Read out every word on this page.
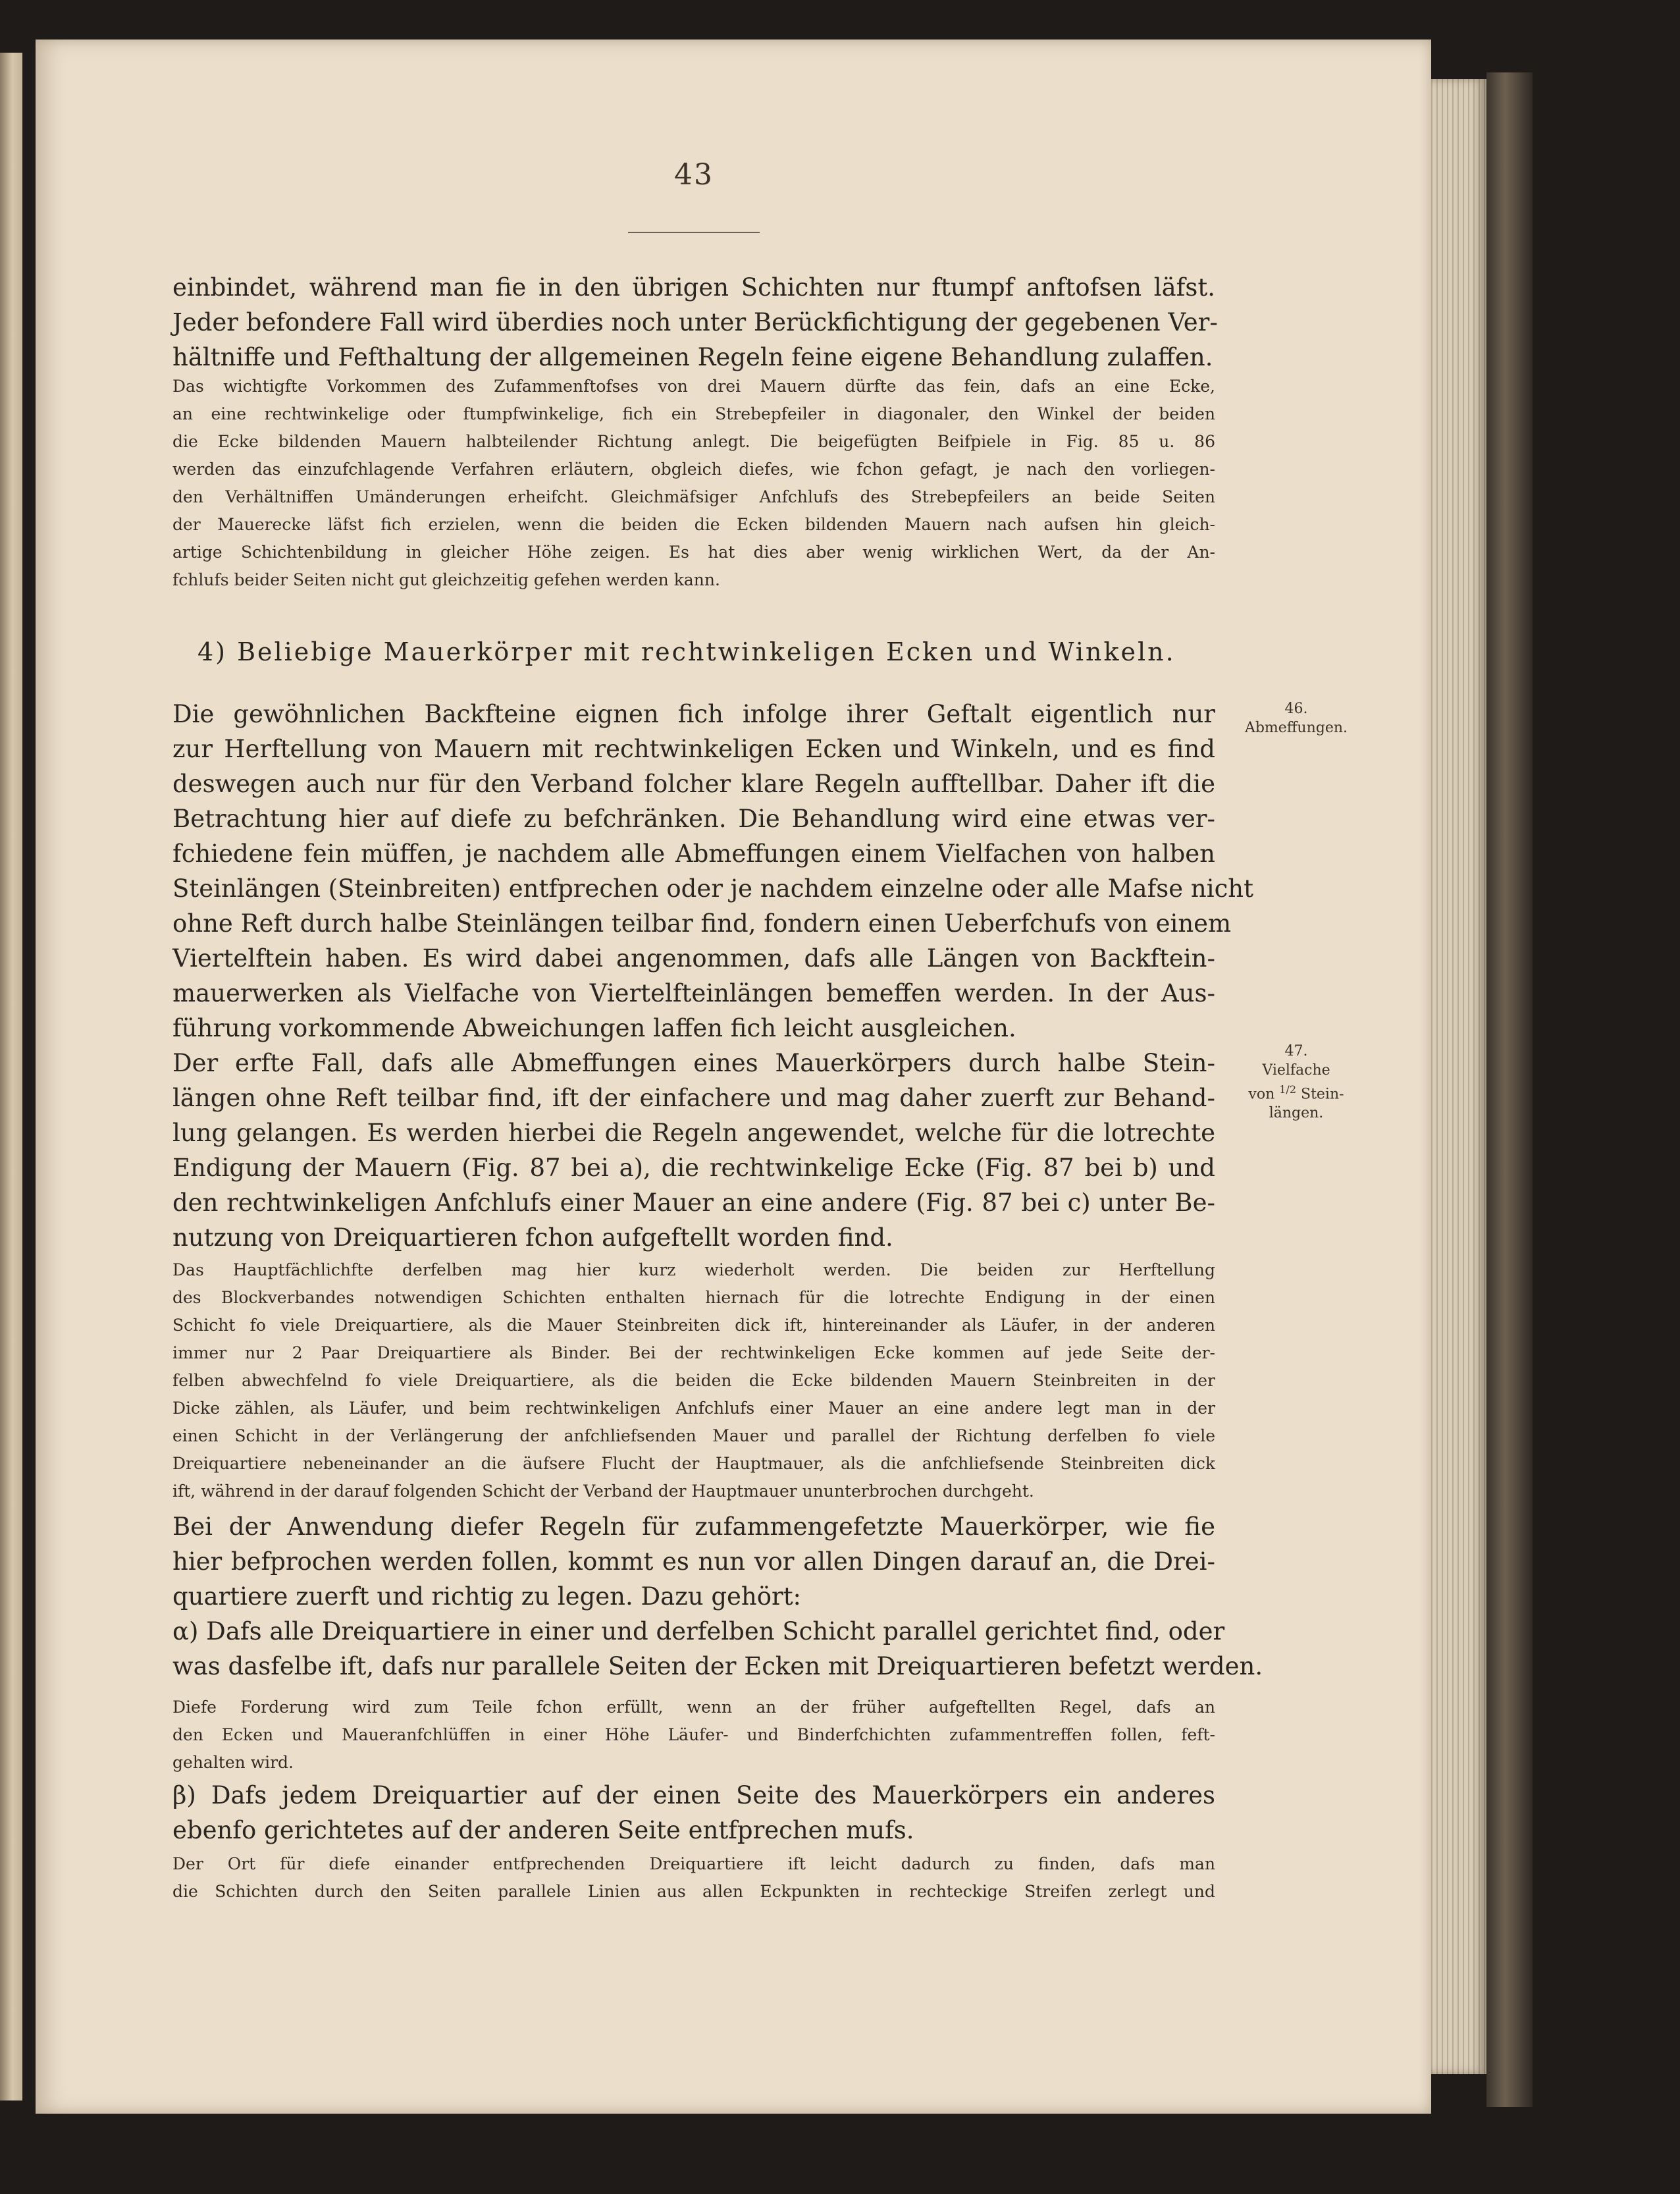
43
einbindet, während man fie in den übrigen Schichten nur ftumpf anftofsen läfst.
Jeder befondere Fall wird überdies noch unter Berückfichtigung der gegebenen Ver-
hältniffe und Fefthaltung der allgemeinen Regeln feine eigene Behandlung zulaffen.
Das wichtigfte Vorkommen des Zufammenftofses von drei Mauern dürfte das fein, dafs an eine Ecke,
an eine rechtwinkelige oder ftumpfwinkelige, fich ein Strebepfeiler in diagonaler, den Winkel der beiden
die Ecke bildenden Mauern halbteilender Richtung anlegt. Die beigefügten Beifpiele in Fig. 85 u. 86
werden das einzufchlagende Verfahren erläutern, obgleich diefes, wie fchon gefagt, je nach den vorliegen-
den Verhältniffen Umänderungen erheifcht. Gleichmäfsiger Anfchlufs des Strebepfeilers an beide Seiten
der Mauerecke läfst fich erzielen, wenn die beiden die Ecken bildenden Mauern nach aufsen hin gleich-
artige Schichtenbildung in gleicher Höhe zeigen. Es hat dies aber wenig wirklichen Wert, da der An-
fchlufs beider Seiten nicht gut gleichzeitig gefehen werden kann.
4) Beliebige Mauerkörper mit rechtwinkeligen Ecken und Winkeln.
Die gewöhnlichen Backfteine eignen fich infolge ihrer Geftalt eigentlich nur
zur Herftellung von Mauern mit rechtwinkeligen Ecken und Winkeln, und es find
deswegen auch nur für den Verband folcher klare Regeln aufftellbar. Daher ift die
Betrachtung hier auf diefe zu befchränken. Die Behandlung wird eine etwas ver-
fchiedene fein müffen, je nachdem alle Abmeffungen einem Vielfachen von halben
Steinlängen (Steinbreiten) entfprechen oder je nachdem einzelne oder alle Mafse nicht
ohne Reft durch halbe Steinlängen teilbar find, fondern einen Ueberfchufs von einem
Viertelftein haben. Es wird dabei angenommen, dafs alle Längen von Backftein-
mauerwerken als Vielfache von Viertelfteinlängen bemeffen werden. In der Aus-
führung vorkommende Abweichungen laffen fich leicht ausgleichen.
Der erfte Fall, dafs alle Abmeffungen eines Mauerkörpers durch halbe Stein-
längen ohne Reft teilbar find, ift der einfachere und mag daher zuerft zur Behand-
lung gelangen. Es werden hierbei die Regeln angewendet, welche für die lotrechte
Endigung der Mauern (Fig. 87 bei a), die rechtwinkelige Ecke (Fig. 87 bei b) und
den rechtwinkeligen Anfchlufs einer Mauer an eine andere (Fig. 87 bei c) unter Be-
nutzung von Dreiquartieren fchon aufgeftellt worden find.
Das Hauptfächlichfte derfelben mag hier kurz wiederholt werden. Die beiden zur Herftellung
des Blockverbandes notwendigen Schichten enthalten hiernach für die lotrechte Endigung in der einen
Schicht fo viele Dreiquartiere, als die Mauer Steinbreiten dick ift, hintereinander als Läufer, in der anderen
immer nur 2 Paar Dreiquartiere als Binder. Bei der rechtwinkeligen Ecke kommen auf jede Seite der-
felben abwechfelnd fo viele Dreiquartiere, als die beiden die Ecke bildenden Mauern Steinbreiten in der
Dicke zählen, als Läufer, und beim rechtwinkeligen Anfchlufs einer Mauer an eine andere legt man in der
einen Schicht in der Verlängerung der anfchliefsenden Mauer und parallel der Richtung derfelben fo viele
Dreiquartiere nebeneinander an die äufsere Flucht der Hauptmauer, als die anfchliefsende Steinbreiten dick
ift, während in der darauf folgenden Schicht der Verband der Hauptmauer ununterbrochen durchgeht.
Bei der Anwendung diefer Regeln für zufammengefetzte Mauerkörper, wie fie
hier befprochen werden follen, kommt es nun vor allen Dingen darauf an, die Drei-
quartiere zuerft und richtig zu legen. Dazu gehört:
α) Dafs alle Dreiquartiere in einer und derfelben Schicht parallel gerichtet find, oder
was dasfelbe ift, dafs nur parallele Seiten der Ecken mit Dreiquartieren befetzt werden.
Diefe Forderung wird zum Teile fchon erfüllt, wenn an der früher aufgeftellten Regel, dafs an
den Ecken und Maueranfchlüffen in einer Höhe Läufer- und Binderfchichten zufammentreffen follen, feft-
gehalten wird.
β) Dafs jedem Dreiquartier auf der einen Seite des Mauerkörpers ein anderes
ebenfo gerichtetes auf der anderen Seite entfprechen mufs.
Der Ort für diefe einander entfprechenden Dreiquartiere ift leicht dadurch zu finden, dafs man
die Schichten durch den Seiten parallele Linien aus allen Eckpunkten in rechteckige Streifen zerlegt und
46.
Abmeffungen.
47.
Vielfache
von $^{1/2}$ Stein-
längen.
